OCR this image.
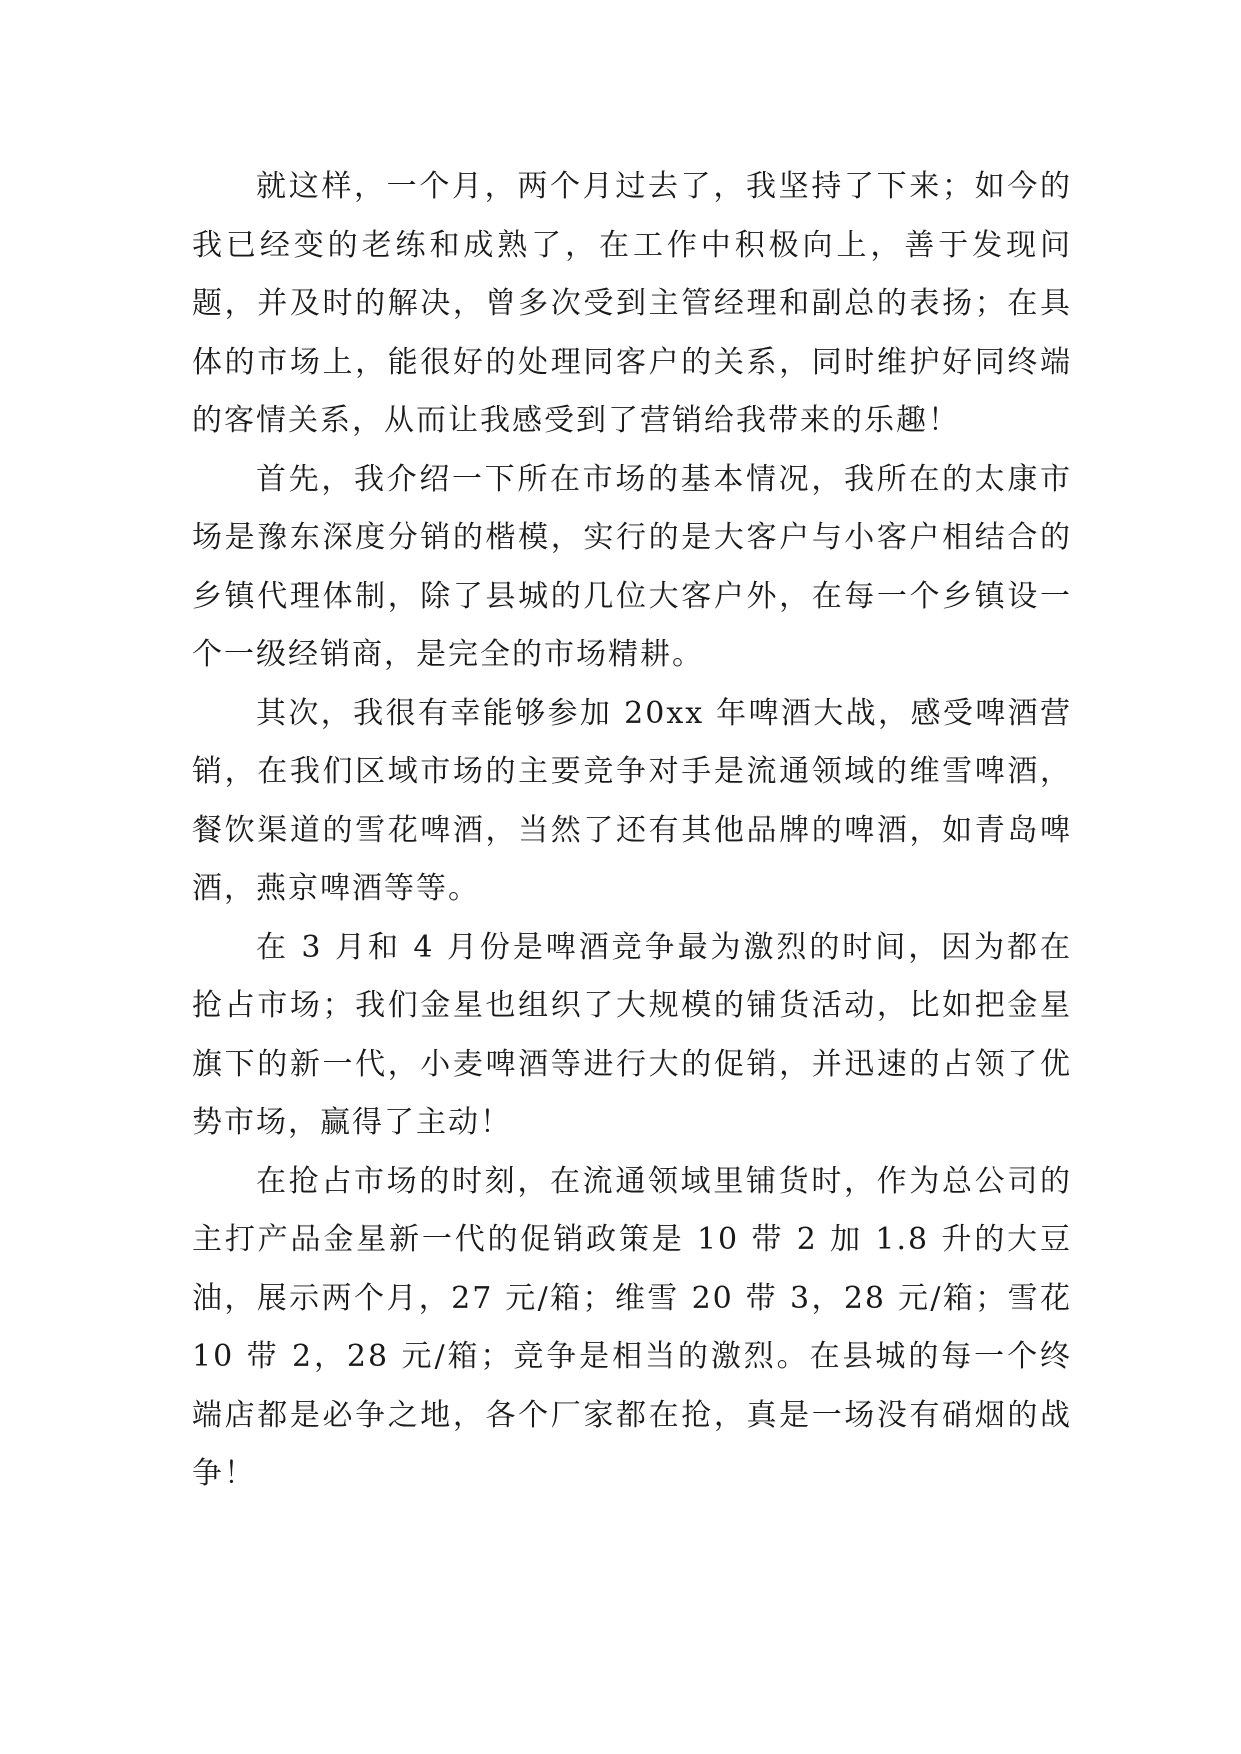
就这样，一个月，两个月过去了，我坚持了下来；如今的我已经变的老练和成熟了，在工作中积极向上，善于发现问题，并及时的解决，曾多次受到主管经理和副总的表扬；在具体的市场上，能很好的处理同客户的关系，同时维护好同终端的客情关系，从而让我感受到了营销给我带来的乐趣！

首先，我介绍一下所在市场的基本情况，我所在的太康市场是豫东深度分销的楷模，实行的是大客户与小客户相结合的乡镇代理体制，除了县城的几位大客户外，在每一个乡镇设一个一级经销商，是完全的市场精耕。

其次，我很有幸能够参加 20xx 年啤酒大战，感受啤酒营销，在我们区域市场的主要竞争对手是流通领域的维雪啤酒，餐饮渠道的雪花啤酒，当然了还有其他品牌的啤酒，如青岛啤酒，燕京啤酒等等。

在 3 月和 4 月份是啤酒竞争最为激烈的时间，因为都在抢占市场；我们金星也组织了大规模的铺货活动，比如把金星旗下的新一代，小麦啤酒等进行大的促销，并迅速的占领了优势市场，赢得了主动！

在抢占市场的时刻，在流通领域里铺货时，作为总公司的主打产品金星新一代的促销政策是 10 带 2 加 1.8 升的大豆油，展示两个月，27 元/箱；维雪 20 带 3，28 元/箱；雪花 10 带 2，28 元/箱；竞争是相当的激烈。在县城的每一个终端店都是必争之地，各个厂家都在抢，真是一场没有硝烟的战争！
